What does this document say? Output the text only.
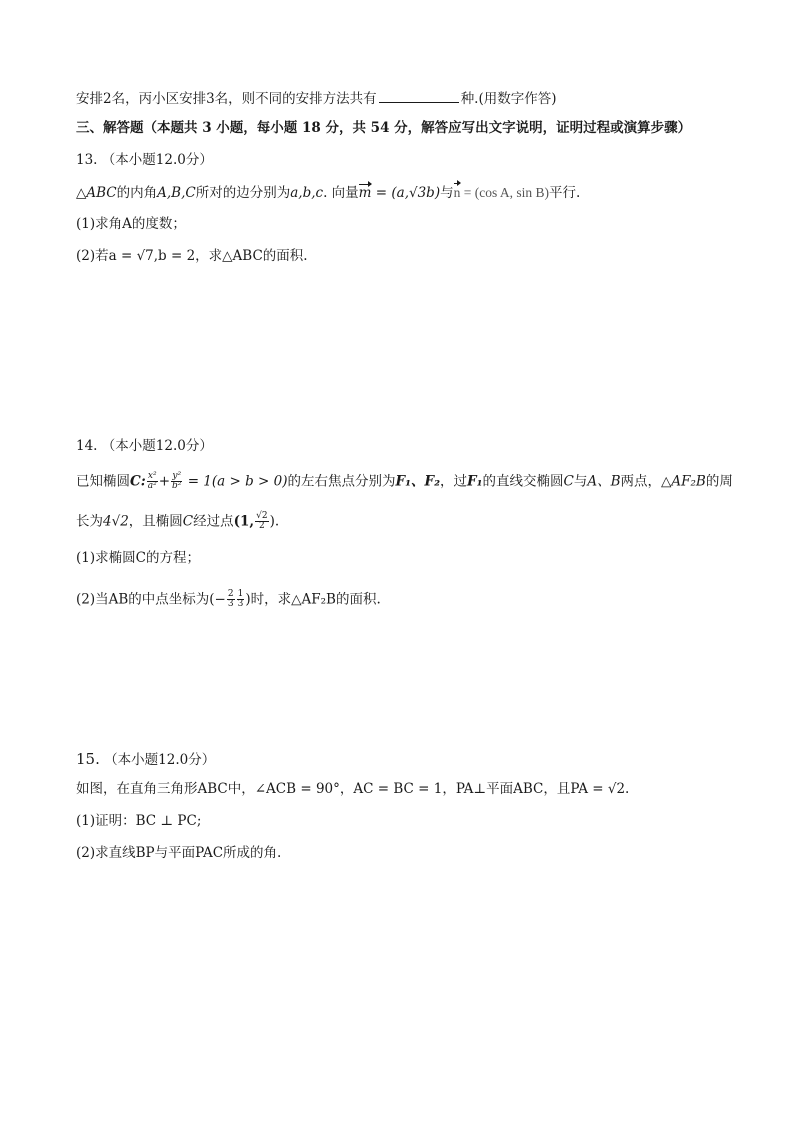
安排2名，丙小区安排3名，则不同的安排方法共有	种.(用数字作答)
三、解答题（本题共 3 小题，每小题 18 分，共 54 分，解答应写出文字说明，证明过程或演算步骤）
13. （本小题12.0分）
△ABC的内角A,B,C所对的边分别为a,b,c. 向量m = (a,√3b)与n = (cos A, sin B)平行.
(1)求角A的度数；
(2)若a = √7,b = 2，求△ABC的面积.
14. （本小题12.0分）
已知椭圆C: $\frac{\text{x²}}{\text{a²}} + \frac{\text{y²}}{\text{b²}} = 1(a > b > 0)$的左右焦点分别为F₁、F₂，过F₁的直线交椭圆C与A、B两点，△AF₂B的周
长为4√2，且椭圆C经过点(1, $\frac{√2}{2}$ ).
(1)求椭圆C的方程；
(2)当AB的中点坐标为(− $\frac{2}{3} \frac{1}{3}$ )时，求△AF₂B的面积.
15. （本小题12.0分）
如图，在直角三角形ABC中，∠ACB = 90°，AC = BC = 1，PA⊥平面ABC，且PA = √2.
(1)证明：BC ⊥ PC;
(2)求直线BP与平面PAC所成的角.
